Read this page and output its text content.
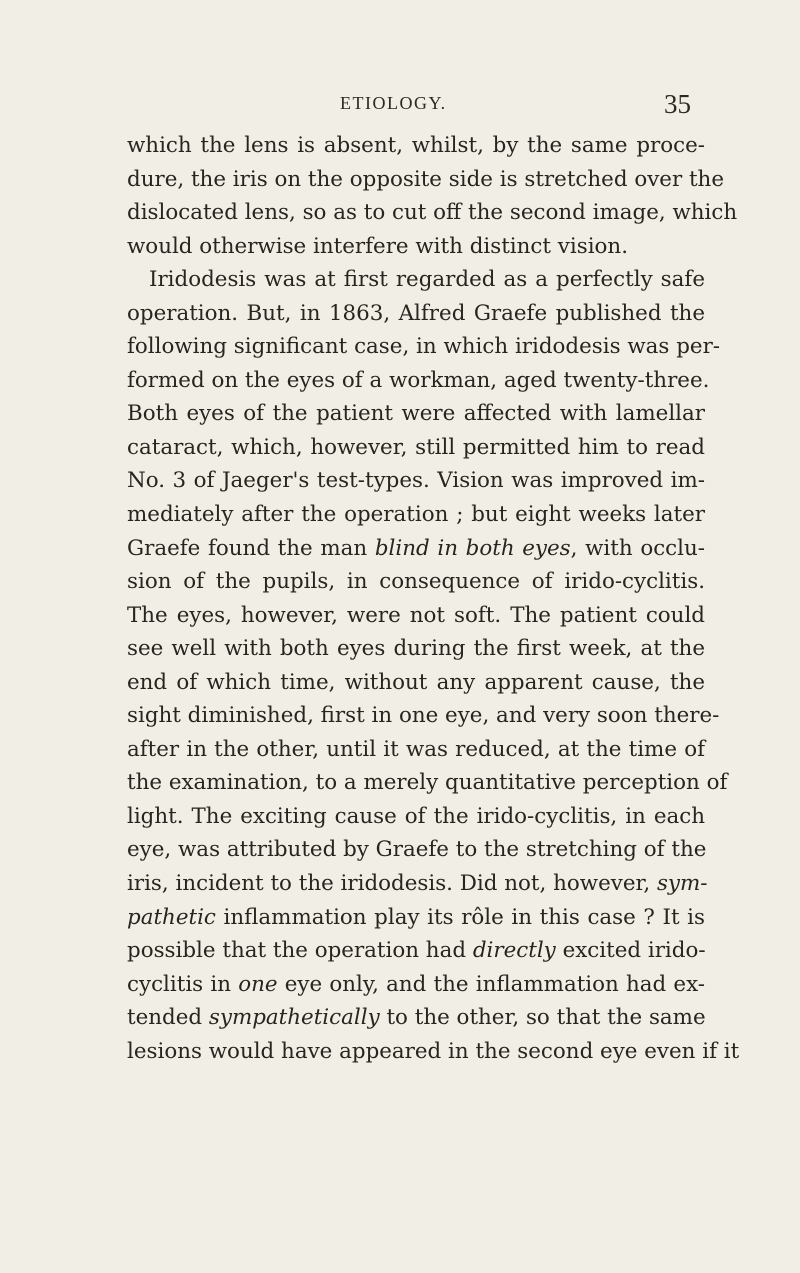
ETIOLOGY.	35
which the lens is absent, whilst, by the same proce-
dure, the iris on the opposite side is stretched over the
dislocated lens, so as to cut off the second image, which
would otherwise interfere with distinct vision.
Iridodesis was at first regarded as a perfectly safe
operation. But, in 1863, Alfred Graefe published the
following significant case, in which iridodesis was per-
formed on the eyes of a workman, aged twenty-three.
Both eyes of the patient were affected with lamellar
cataract, which, however, still permitted him to read
No. 3 of Jaeger's test-types. Vision was improved im-
mediately after the operation ; but eight weeks later
Graefe found the man blind in both eyes, with occlu-
sion of the pupils, in consequence of irido-cyclitis.
The eyes, however, were not soft. The patient could
see well with both eyes during the first week, at the
end of which time, without any apparent cause, the
sight diminished, first in one eye, and very soon there-
after in the other, until it was reduced, at the time of
the examination, to a merely quantitative perception of
light. The exciting cause of the irido-cyclitis, in each
eye, was attributed by Graefe to the stretching of the
iris, incident to the iridodesis. Did not, however, sym-
pathetic inflammation play its rôle in this case ? It is
possible that the operation had directly excited irido-
cyclitis in one eye only, and the inflammation had ex-
tended sympathetically to the other, so that the same
lesions would have appeared in the second eye even if it
